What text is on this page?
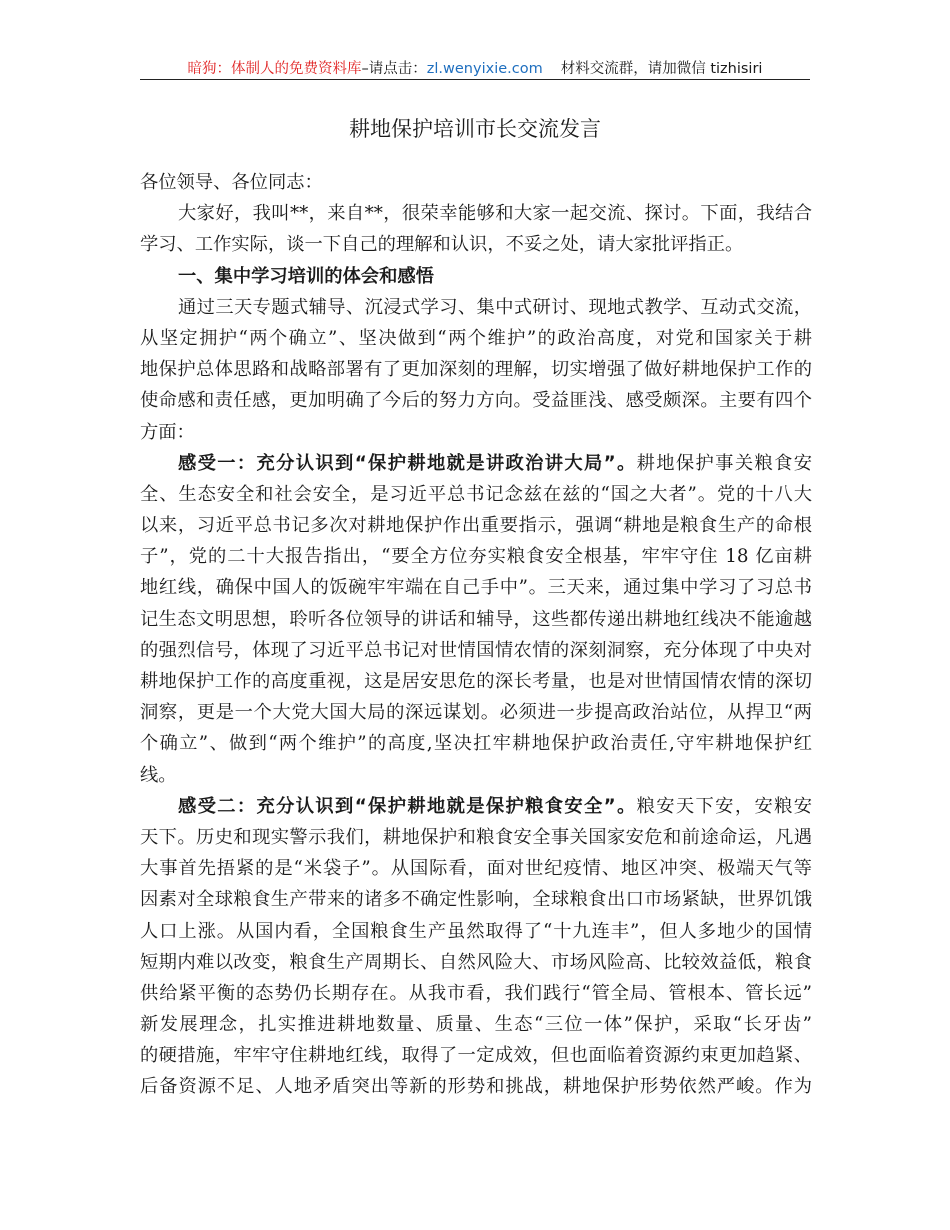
暗狗：体制人的免费资料库–请点击：zl.wenyixie.com 材料交流群，请加微信 tizhisiri
耕地保护培训市长交流发言
各位领导、各位同志：
大家好，我叫**，来自**，很荣幸能够和大家一起交流、探讨。下面，我结合
学习、工作实际，谈一下自己的理解和认识，不妥之处，请大家批评指正。
一、集中学习培训的体会和感悟
通过三天专题式辅导、沉浸式学习、集中式研讨、现地式教学、互动式交流，
从坚定拥护“两个确立”、坚决做到“两个维护”的政治高度，对党和国家关于耕
地保护总体思路和战略部署有了更加深刻的理解，切实增强了做好耕地保护工作的
使命感和责任感，更加明确了今后的努力方向。受益匪浅、感受颇深。主要有四个
方面：
感受一：充分认识到“保护耕地就是讲政治讲大局”。耕地保护事关粮食安
全、生态安全和社会安全，是习近平总书记念兹在兹的“国之大者”。党的十八大
以来，习近平总书记多次对耕地保护作出重要指示，强调“耕地是粮食生产的命根
子”，党的二十大报告指出，“要全方位夯实粮食安全根基，牢牢守住 18 亿亩耕
地红线，确保中国人的饭碗牢牢端在自己手中”。三天来，通过集中学习了习总书
记生态文明思想，聆听各位领导的讲话和辅导，这些都传递出耕地红线决不能逾越
的强烈信号，体现了习近平总书记对世情国情农情的深刻洞察，充分体现了中央对
耕地保护工作的高度重视，这是居安思危的深长考量，也是对世情国情农情的深切
洞察，更是一个大党大国大局的深远谋划。必须进一步提高政治站位，从捍卫“两
个确立”、做到“两个维护”的高度,坚决扛牢耕地保护政治责任,守牢耕地保护红
线。
感受二：充分认识到“保护耕地就是保护粮食安全”。粮安天下安，安粮安
天下。历史和现实警示我们，耕地保护和粮食安全事关国家安危和前途命运，凡遇
大事首先捂紧的是“米袋子”。从国际看，面对世纪疫情、地区冲突、极端天气等
因素对全球粮食生产带来的诸多不确定性影响，全球粮食出口市场紧缺，世界饥饿
人口上涨。从国内看，全国粮食生产虽然取得了“十九连丰”，但人多地少的国情
短期内难以改变，粮食生产周期长、自然风险大、市场风险高、比较效益低，粮食
供给紧平衡的态势仍长期存在。从我市看，我们践行“管全局、管根本、管长远”
新发展理念，扎实推进耕地数量、质量、生态“三位一体”保护，采取“长牙齿”
的硬措施，牢牢守住耕地红线，取得了一定成效，但也面临着资源约束更加趋紧、
后备资源不足、人地矛盾突出等新的形势和挑战，耕地保护形势依然严峻。作为
